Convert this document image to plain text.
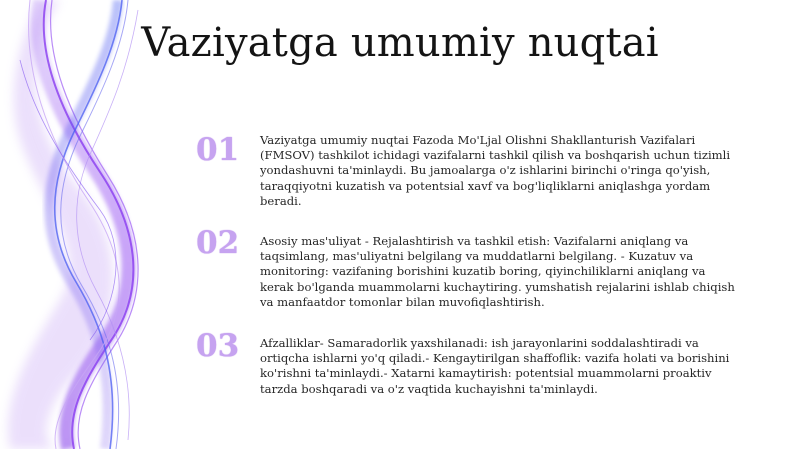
Vaziyatga umumiy nuqtai
01	Vaziyatga umumiy nuqtai Fazoda Mo'Ljal Olishni Shakllanturish Vazifalari (FMSOV) tashkilot ichidagi vazifalarni tashkil qilish va boshqarish uchun tizimli yondashuvni ta'minlaydi. Bu jamoalarga o'z ishlarini birinchi o'ringa qo'yish, taraqqiyotni kuzatish va potentsial xavf va bog'liqliklarni aniqlashga yordam beradi.
02	Asosiy mas'uliyat - Rejalashtirish va tashkil etish: Vazifalarni aniqlang va taqsimlang, mas'uliyatni belgilang va muddatlarni belgilang. - Kuzatuv va monitoring: vazifaning borishini kuzatib boring, qiyinchiliklarni aniqlang va kerak bo'lganda muammolarni kuchaytiring. yumshatish rejalarini ishlab chiqish va manfaatdor tomonlar bilan muvofiqlashtirish.
03	Afzalliklar- Samaradorlik yaxshilanadi: ish jarayonlarini soddalashtiradi va ortiqcha ishlarni yo'q qiladi.- Kengaytirilgan shaffoflik: vazifa holati va borishini ko'rishni ta'minlaydi.- Xatarni kamaytirish: potentsial muammolarni proaktiv tarzda boshqaradi va o'z vaqtida kuchayishni ta'minlaydi.
